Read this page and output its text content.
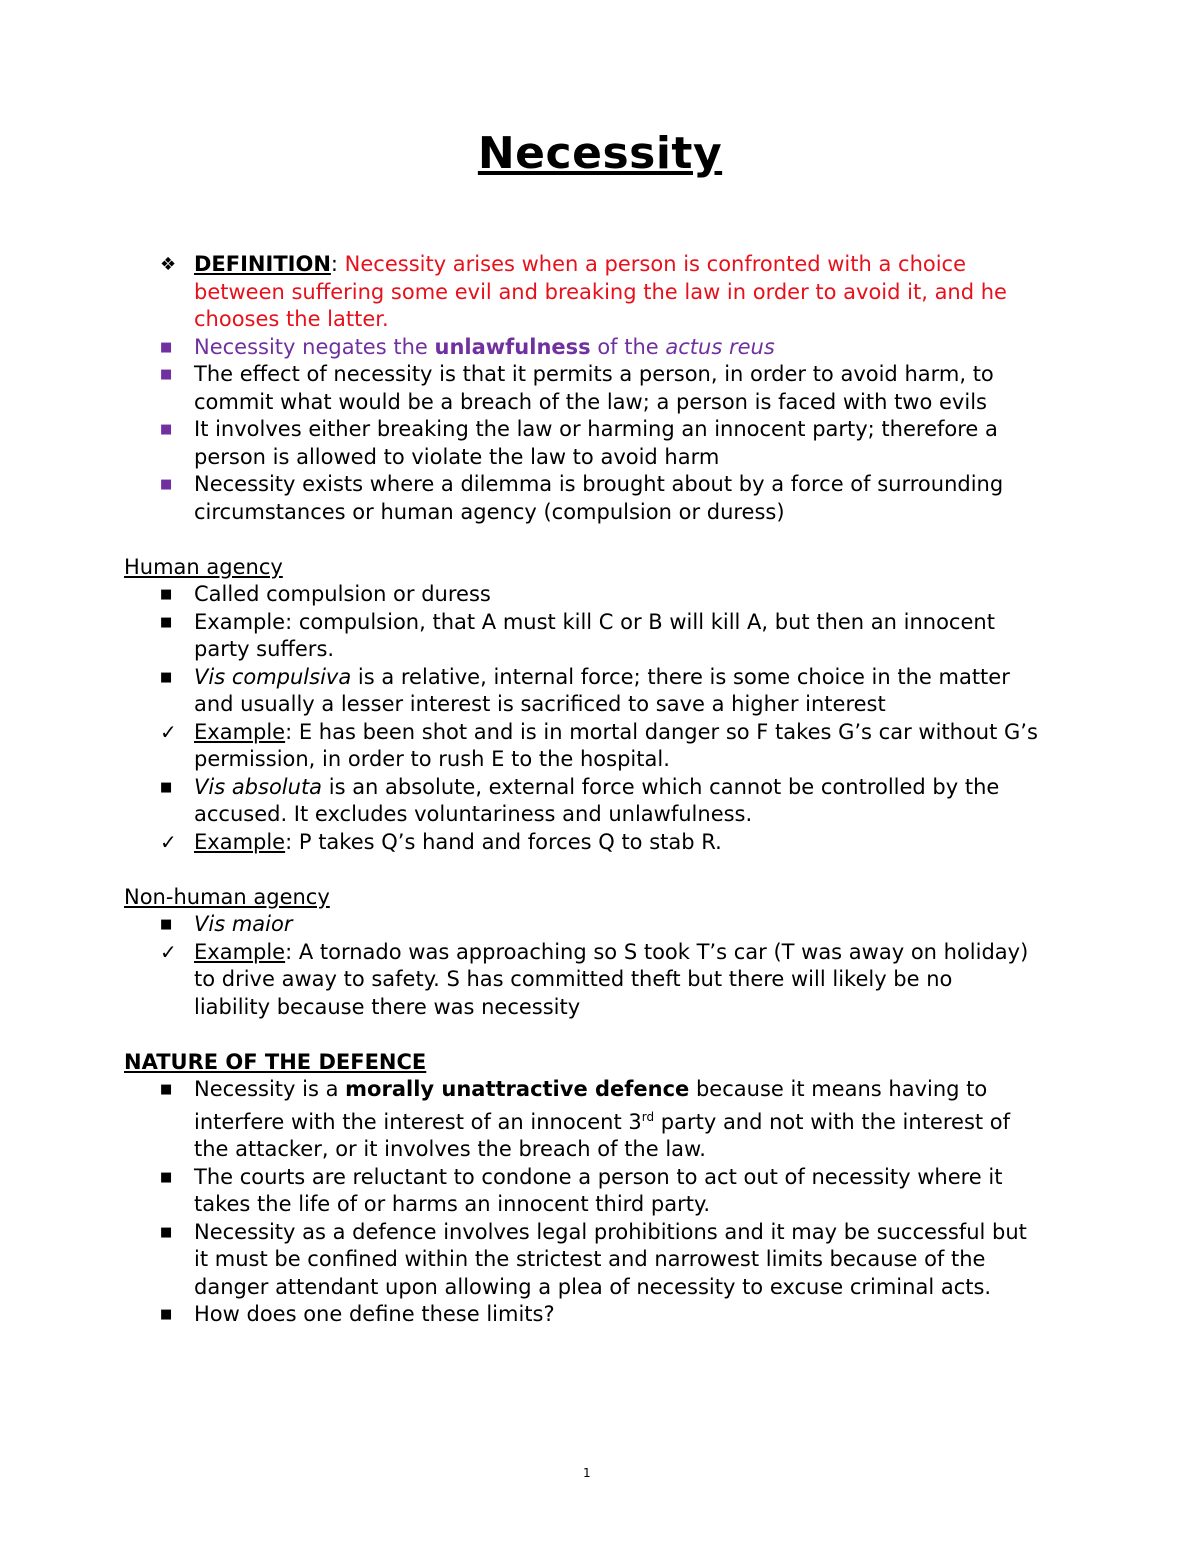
Necessity
❖ DEFINITION: Necessity arises when a person is confronted with a choice
between suffering some evil and breaking the law in order to avoid it, and he
chooses the latter.
■	Necessity negates the unlawfulness of the actus reus
■	The effect of necessity is that it permits a person, in order to avoid harm, to
commit what would be a breach of the law; a person is faced with two evils
■	It involves either breaking the law or harming an innocent party; therefore a
person is allowed to violate the law to avoid harm
■	Necessity exists where a dilemma is brought about by a force of surrounding
circumstances or human agency (compulsion or duress)
Human agency
■	Called compulsion or duress
■	Example: compulsion, that A must kill C or B will kill A, but then an innocent
party suffers.
■	Vis compulsiva is a relative, internal force; there is some choice in the matter
and usually a lesser interest is sacrificed to save a higher interest
✓ Example: E has been shot and is in mortal danger so F takes G’s car without G’s
permission, in order to rush E to the hospital.
■	Vis absoluta is an absolute, external force which cannot be controlled by the
accused. It excludes voluntariness and unlawfulness.
✓ Example: P takes Q’s hand and forces Q to stab R.
Non-human agency
■	Vis maior
✓ Example: A tornado was approaching so S took T’s car (T was away on holiday)
to drive away to safety. S has committed theft but there will likely be no
liability because there was necessity
NATURE OF THE DEFENCE
■	Necessity is a morally unattractive defence because it means having to
interfere with the interest of an innocent 3rd party and not with the interest of
the attacker, or it involves the breach of the law.
■	The courts are reluctant to condone a person to act out of necessity where it
takes the life of or harms an innocent third party.
■	Necessity as a defence involves legal prohibitions and it may be successful but
it must be confined within the strictest and narrowest limits because of the
danger attendant upon allowing a plea of necessity to excuse criminal acts.
■	How does one define these limits?
1
